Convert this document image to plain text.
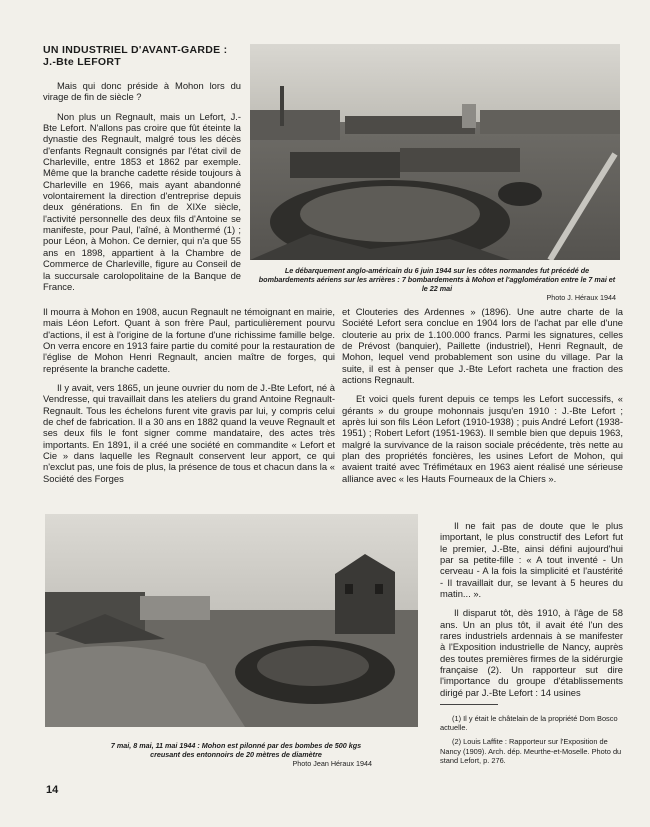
UN INDUSTRIEL D'AVANT-GARDE : J.-Bte LEFORT

Mais qui donc préside à Mohon lors du virage de fin de siècle ?

Non plus un Regnault, mais un Lefort, J.-Bte Lefort. N'allons pas croire que fût éteinte la dynastie des Regnault, malgré tous les décès d'enfants Regnault consignés par l'état civil de Charleville, entre 1853 et 1862 par exemple. Même que la branche cadette réside toujours à Charleville en 1966, mais ayant abandonné volontairement la direction d'entreprise depuis deux générations. En fin de XIXe siècle, l'activité personnelle des deux fils d'Antoine se manifeste, pour Paul, l'aîné, à Monthermé (1) ; pour Léon, à Mohon. Ce dernier, qui n'a que 55 ans en 1898, appartient à la Chambre de Commerce de Charleville, figure au Conseil de la succursale carolopolitaine de la Banque de France.

Il mourra à Mohon en 1908, aucun Regnault ne témoignant en mairie, mais Léon Lefort. Quant à son frère Paul, particulièrement pourvu d'actions, il est à l'origine de la fortune d'une richissime famille belge. On verra encore en 1913 faire partie du comité pour la restauration de l'église de Mohon Henri Regnault, ancien maître de forges, qui représente la branche cadette.

Il y avait, vers 1865, un jeune ouvrier du nom de J.-Bte Lefort, né à Vendresse, qui travaillait dans les ateliers du grand Antoine Regnault-Regnault. Tous les échelons furent vite gravis par lui, y compris celui de chef de fabrication. Il a 30 ans en 1882 quand la veuve Regnault et ses deux fils le font signer comme mandataire, des actes très importants. En 1891, il a créé une société en commandite « Lefort et Cie » dans laquelle les Regnault conservent leur apport, ce qui n'exclut pas, une fois de plus, la présence de tous et chacun dans la « Société des Forges

Le débarquement anglo-américain du 6 juin 1944 sur les côtes normandes fut précédé de bombardements aériens sur les arrières : 7 bombardements à Mohon et l'agglomération entre le 7 mai et le 22 mai
Photo J. Héraux 1944

et Clouteries des Ardennes » (1896). Une autre charte de la Société Lefort sera conclue en 1904 lors de l'achat par elle d'une clouterie au prix de 1.100.000 francs. Parmi les signatures, celles de Prévost (banquier), Paillette (industriel), Henri Regnault, de Mohon, lequel vend probablement son usine du village. Par la suite, il est à penser que J.-Bte Lefort racheta une fraction des actions Regnault.

Et voici quels furent depuis ce temps les Lefort successifs, « gérants » du groupe mohonnais jusqu'en 1910 : J.-Bte Lefort ; après lui son fils Léon Lefort (1910-1938) ; puis André Lefort (1938-1951) ; Robert Lefort (1951-1963). Il semble bien que depuis 1963, malgré la survivance de la raison sociale précédente, très nette au plan des propriétés foncières, les usines Lefort de Mohon, qui avaient traité avec Tréfimétaux en 1963 aient réalisé une sérieuse alliance avec « les Hauts Fourneaux de la Chiers ».

7 mai, 8 mai, 11 mai 1944 : Mohon est pilonné par des bombes de 500 kgs creusant des entonnoirs de 20 mètres de diamètre
Photo Jean Héraux 1944

Il ne fait pas de doute que le plus important, le plus constructif des Lefort fut le premier, J.-Bte, ainsi défini aujourd'hui par sa petite-fille : « A tout inventé - Un cerveau - A la fois la simplicité et l'austérité - Il travaillait dur, se levant à 5 heures du matin... ».

Il disparut tôt, dès 1910, à l'âge de 58 ans. Un an plus tôt, il avait été l'un des rares industriels ardennais à se manifester à l'Exposition industrielle de Nancy, auprès des toutes premières firmes de la sidérurgie française (2). Un rapporteur sut dire l'importance du groupe d'établissements dirigé par J.-Bte Lefort : 14 usines

(1) Il y était le châtelain de la propriété Dom Bosco actuelle.

(2) Louis Laffite : Rapporteur sur l'Exposition de Nancy (1909). Arch. dép. Meurthe-et-Moselle. Photo du stand Lefort, p. 276.

14
